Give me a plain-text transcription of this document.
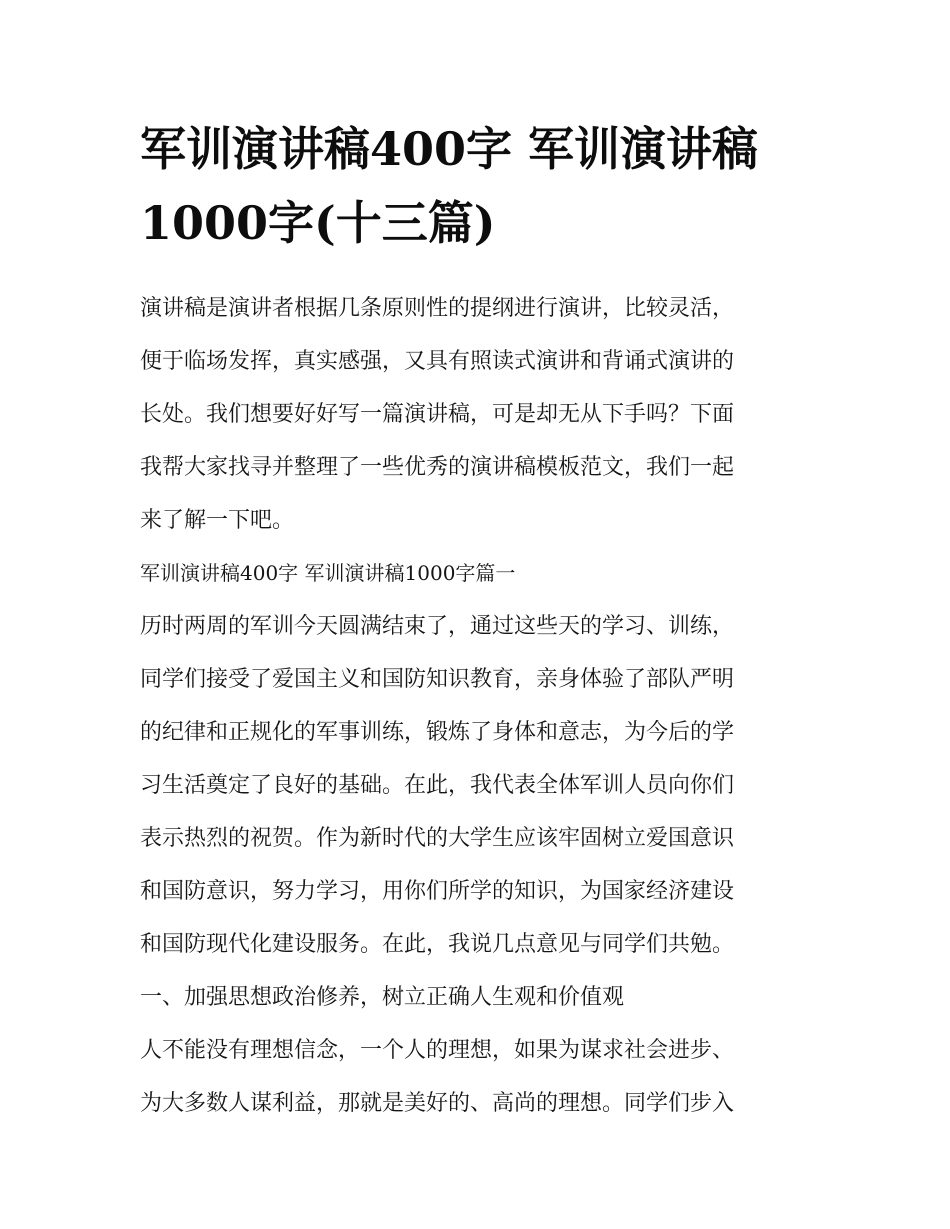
军训演讲稿400字 军训演讲稿
1000字(十三篇)

演讲稿是演讲者根据几条原则性的提纲进行演讲，比较灵活，
便于临场发挥，真实感强，又具有照读式演讲和背诵式演讲的
长处。我们想要好好写一篇演讲稿，可是却无从下手吗？下面
我帮大家找寻并整理了一些优秀的演讲稿模板范文，我们一起
来了解一下吧。

军训演讲稿400字 军训演讲稿1000字篇一

历时两周的军训今天圆满结束了，通过这些天的学习、训练，
同学们接受了爱国主义和国防知识教育，亲身体验了部队严明
的纪律和正规化的军事训练，锻炼了身体和意志，为今后的学
习生活奠定了良好的基础。在此，我代表全体军训人员向你们
表示热烈的祝贺。作为新时代的大学生应该牢固树立爱国意识
和国防意识，努力学习，用你们所学的知识，为国家经济建设
和国防现代化建设服务。在此，我说几点意见与同学们共勉。

一、加强思想政治修养，树立正确人生观和价值观

人不能没有理想信念，一个人的理想，如果为谋求社会进步、
为大多数人谋利益，那就是美好的、高尚的理想。同学们步入
